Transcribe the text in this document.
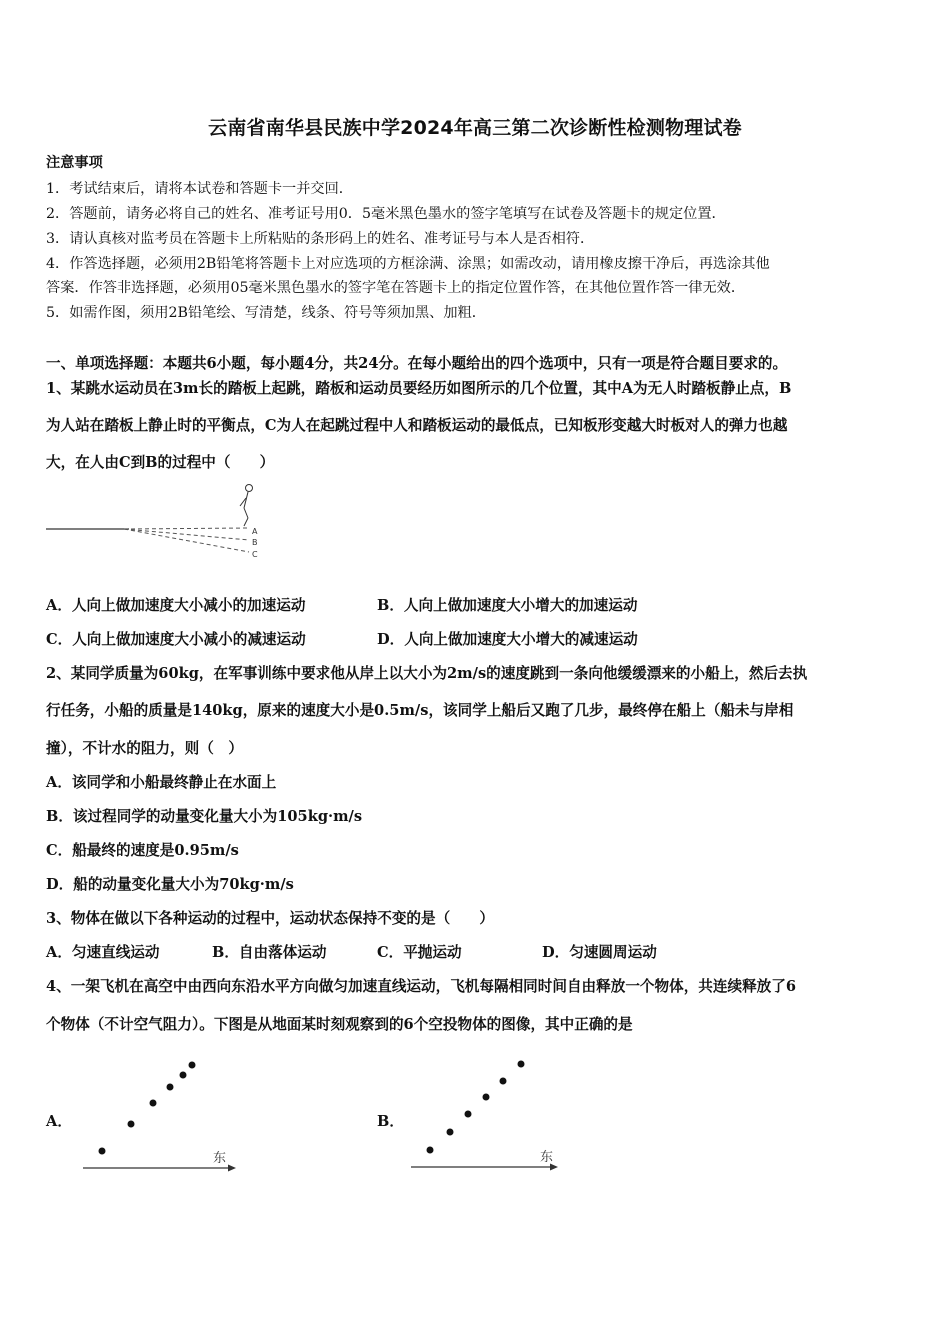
云南省南华县民族中学2024年高三第二次诊断性检测物理试卷
注意事项
1．考试结束后，请将本试卷和答题卡一并交回．
2．答题前，请务必将自己的姓名、准考证号用0．5毫米黑色墨水的签字笔填写在试卷及答题卡的规定位置．
3．请认真核对监考员在答题卡上所粘贴的条形码上的姓名、准考证号与本人是否相符．
4．作答选择题，必须用2B铅笔将答题卡上对应选项的方框涂满、涂黑；如需改动，请用橡皮擦干净后，再选涂其他
答案．作答非选择题，必须用05毫米黑色墨水的签字笔在答题卡上的指定位置作答，在其他位置作答一律无效．
5．如需作图，须用2B铅笔绘、写清楚，线条、符号等须加黑、加粗．
一、单项选择题：本题共6小题，每小题4分，共24分。在每小题给出的四个选项中，只有一项是符合题目要求的。
1、某跳水运动员在3m长的踏板上起跳，踏板和运动员要经历如图所示的几个位置，其中A为无人时踏板静止点，B
为人站在踏板上静止时的平衡点，C为人在起跳过程中人和踏板运动的最低点，已知板形变越大时板对人的弹力也越
大，在人由C到B的过程中（　　）
A
B
C
A．人向上做加速度大小减小的加速运动	B．人向上做加速度大小增大的加速运动
C．人向上做加速度大小减小的减速运动	D．人向上做加速度大小增大的减速运动
2、某同学质量为60kg，在军事训练中要求他从岸上以大小为2m/s的速度跳到一条向他缓缓漂来的小船上，然后去执
行任务，小船的质量是140kg，原来的速度大小是0.5m/s，该同学上船后又跑了几步，最终停在船上（船未与岸相
撞），不计水的阻力，则（　）
A．该同学和小船最终静止在水面上
B．该过程同学的动量变化量大小为105kg·m/s
C．船最终的速度是0.95m/s
D．船的动量变化量大小为70kg·m/s
3、物体在做以下各种运动的过程中，运动状态保持不变的是（　　）
A．匀速直线运动	B．自由落体运动	C．平抛运动	D．匀速圆周运动
4、一架飞机在高空中由西向东沿水平方向做匀加速直线运动，飞机每隔相同时间自由释放一个物体，共连续释放了6
个物体（不计空气阻力）。下图是从地面某时刻观察到的6个空投物体的图像，其中正确的是
A．
东
B．
东
